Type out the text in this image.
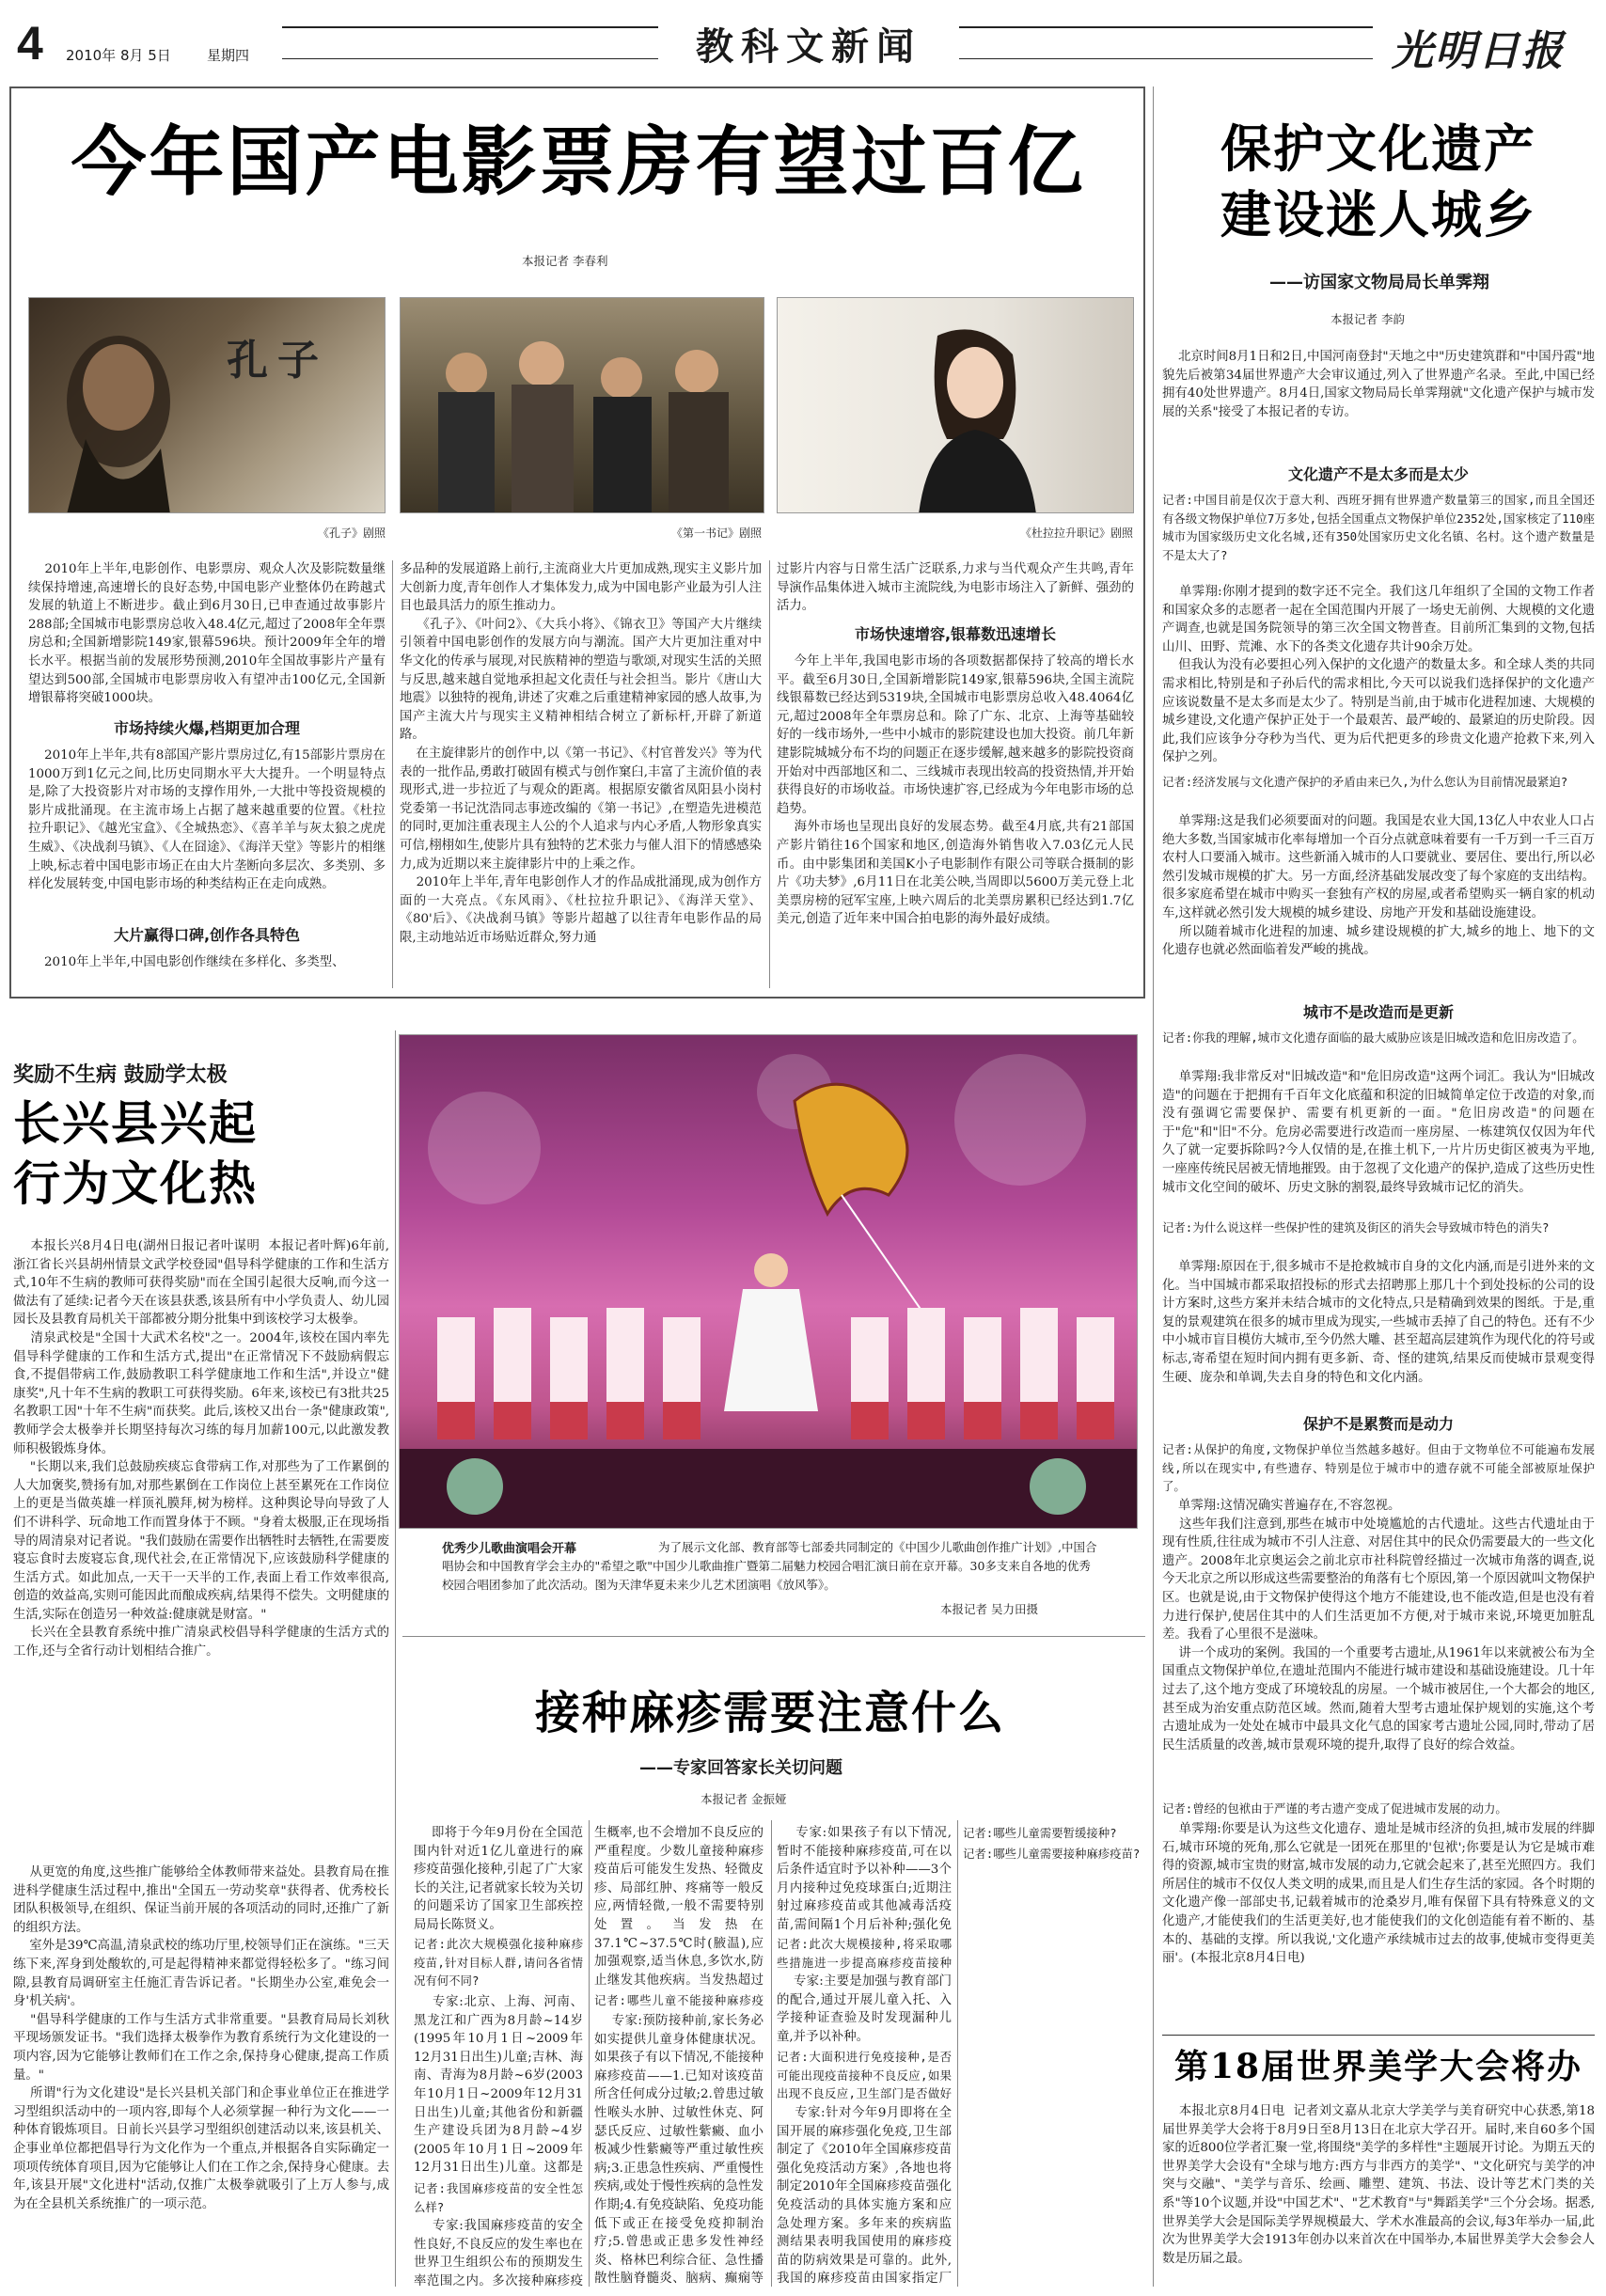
4 2010年 8月 5日	星期四	教科文新闻	光明日报
今年国产电影票房有望过百亿
本报记者 李春利
孔子
《孔子》剧照	《第一书记》剧照	《杜拉拉升职记》剧照
2010年上半年,电影创作、电影票房、观众人次及影院数量继续保持增速,高速增长的良好态势,中国电影产业整体仍在跨越式发展的轨道上不断进步。截止到6月30日,已申查通过故事影片288部;全国城市电影票房总收入48.4亿元,超过了2008年全年票房总和;全国新增影院149家,银幕596块。预计2009年全年的增长水平。根据当前的发展形势预测,2010年全国故事影片产量有望达到500部,全国城市电影票房收入有望冲击100亿元,全国新增银幕将突破1000块。
市场持续火爆,档期更加合理
2010年上半年,共有8部国产影片票房过亿,有15部影片票房在1000万到1亿元之间,比历史同期水平大大提升。一个明显特点是,除了大投资影片对市场的支撑作用外,一大批中等投资规模的影片成批涌现。在主流市场上占据了越来越重要的位置。《杜拉拉升职记》、《越光宝盒》、《全城热恋》、《喜羊羊与灰太狼之虎虎生威》、《决战刹马镇》、《人在囧途》、《海洋天堂》等影片的相继上映,标志着中国电影市场正在由大片垄断向多层次、多类别、多样化发展转变,中国电影市场的种类结构正在走向成熟。
大片赢得口碑,创作各具特色
2010年上半年,中国电影创作继续在多样化、多类型、
多品种的发展道路上前行,主流商业大片更加成熟,现实主义影片加大创新力度,青年创作人才集体发力,成为中国电影产业最为引人注目也最具活力的原生推动力。
《孔子》、《叶问2》、《大兵小将》、《锦衣卫》等国产大片继续引领着中国电影创作的发展方向与潮流。国产大片更加注重对中华文化的传承与展现,对民族精神的塑造与歌颂,对现实生活的关照与反思,越来越自觉地承担起文化责任与社会担当。影片《唐山大地震》以独特的视角,讲述了灾难之后重建精神家园的感人故事,为国产主流大片与现实主义精神相结合树立了新标杆,开辟了新道路。
在主旋律影片的创作中,以《第一书记》、《村官普发兴》等为代表的一批作品,勇敢打破固有模式与创作窠臼,丰富了主流价值的表现形式,进一步拉近了与观众的距离。根据原安徽省凤阳县小岗村党委第一书记沈浩同志事迹改编的《第一书记》,在塑造先进模范的同时,更加注重表现主人公的个人追求与内心矛盾,人物形象真实可信,栩栩如生,使影片具有独特的艺术张力与催人泪下的情感感染力,成为近期以来主旋律影片中的上乘之作。
2010年上半年,青年电影创作人才的作品成批涌现,成为创作方面的一大亮点。《东风雨》、《杜拉拉升职记》、《海洋天堂》、《80'后》、《决战刹马镇》等影片超越了以往青年电影作品的局限,主动地站近市场贴近群众,努力通
过影片内容与日常生活广泛联系,力求与当代观众产生共鸣,青年导演作品集体进入城市主流院线,为电影市场注入了新鲜、强劲的活力。
市场快速增容,银幕数迅速增长
今年上半年,我国电影市场的各项数据都保持了较高的增长水平。截至6月30日,全国新增影院149家,银幕596块,全国主流院线银幕数已经达到5319块,全国城市电影票房总收入48.4064亿元,超过2008年全年票房总和。除了广东、北京、上海等基础较好的一线市场外,一些中小城市的影院建设也加大投资。前几年新建影院城城分布不均的问题正在逐步缓解,越来越多的影院投资商开始对中西部地区和二、三线城市表现出较高的投资热情,并开始获得良好的市场收益。市场快速扩容,已经成为今年电影市场的总趋势。
海外市场也呈现出良好的发展态势。截至4月底,共有21部国产影片销往16个国家和地区,创造海外销售收入7.03亿元人民币。由中影集团和美国K小子电影制作有限公司等联合摄制的影片《功夫梦》,6月11日在北美公映,当周即以5600万美元登上北美票房榜的冠军宝座,上映六周后的北美票房累积已经达到1.7亿美元,创造了近年来中国合拍电影的海外最好成绩。
保护文化遗产
建设迷人城乡
——访国家文物局局长单霁翔
本报记者 李韵
北京时间8月1日和2日,中国河南登封"天地之中"历史建筑群和"中国丹霞"地貌先后被第34届世界遗产大会审议通过,列入了世界遗产名录。至此,中国已经拥有40处世界遗产。8月4日,国家文物局局长单霁翔就"文化遗产保护与城市发展的关系"接受了本报记者的专访。
文化遗产不是太多而是太少
记者:中国目前是仅次于意大利、西班牙拥有世界遗产数量第三的国家,而且全国还有各级文物保护单位7万多处,包括全国重点文物保护单位2352处,国家核定了110座城市为国家级历史文化名城,还有350处国家历史文化名镇、名村。这个遗产数量是不是太大了?
单霁翔:你刚才提到的数字还不完全。我们这几年组织了全国的文物工作者和国家众多的志愿者一起在全国范围内开展了一场史无前例、大规模的文化遗产调查,也就是国务院领导的第三次全国文物普查。目前所汇集到的文物,包括山川、田野、荒滩、水下的各类文化遗存共计90余万处。
但我认为没有必要担心列入保护的文化遗产的数量太多。和全球人类的共同需求相比,特别是和子孙后代的需求相比,今天可以说我们选择保护的文化遗产应该说数量不是太多而是太少了。特别是当前,由于城市化进程加速、大规模的城乡建设,文化遗产保护正处于一个最艰苦、最严峻的、最紧迫的历史阶段。因此,我们应该争分夺秒为当代、更为后代把更多的珍贵文化遗产抢救下来,列入保护之列。
记者:经济发展与文化遗产保护的矛盾由来已久,为什么您认为目前情况最紧迫?
单霁翔:这是我们必须要面对的问题。我国是农业大国,13亿人中农业人口占绝大多数,当国家城市化率每增加一个百分点就意味着要有一千万到一千三百万农村人口要涌入城市。这些新涌入城市的人口要就业、要居住、要出行,所以必然引发城市规模的扩大。另一方面,经济基础发展改变了每个家庭的支出结构。很多家庭希望在城市中购买一套独有产权的房屋,或者希望购买一辆自家的机动车,这样就必然引发大规模的城乡建设、房地产开发和基础设施建设。
所以随着城市化进程的加速、城乡建设规模的扩大,城乡的地上、地下的文化遗存也就必然面临着发严峻的挑战。
城市不是改造而是更新
记者:你我的理解,城市文化遗存面临的最大威胁应该是旧城改造和危旧房改造了。
单霁翔:我非常反对"旧城改造"和"危旧房改造"这两个词汇。我认为"旧城改造"的问题在于把拥有千百年文化底蕴和积淀的旧城简单定位于改造的对象,而没有强调它需要保护、需要有机更新的一面。"危旧房改造"的问题在于"危"和"旧"不分。危房必需要进行改造而一座房屋、一栋建筑仅仅因为年代久了就一定要拆除吗?今人仅情的是,在推土机下,一片片历史街区被夷为平地,一座座传统民居被无情地摧毁。由于忽视了文化遗产的保护,造成了这些历史性城市文化空间的破坏、历史文脉的割裂,最终导致城市记忆的消失。
记者:为什么说这样一些保护性的建筑及街区的消失会导致城市特色的消失?
单霁翔:原因在于,很多城市不是抢救城市自身的文化内涵,而是引进外来的文化。当中国城市都采取招投标的形式去招聘那上那几十个到处投标的公司的设计方案时,这些方案并未结合城市的文化特点,只是精确到效果的图纸。于是,重复的景观建筑在很多的城市里成为现实,一些城市丢掉了自己的特色。还有不少中小城市盲目模仿大城市,至今仍然大雕、甚至超高层建筑作为现代化的符号或标志,寄希望在短时间内拥有更多新、奇、怪的建筑,结果反而使城市景观变得生硬、庞杂和单调,失去自身的特色和文化内涵。
保护不是累赘而是动力
记者:从保护的角度,文物保护单位当然越多越好。但由于文物单位不可能遍布发展线,所以在现实中,有些遗存、特别是位于城市中的遗存就不可能全部被原址保护了。
单霁翔:这情况确实普遍存在,不容忽视。
这些年我们注意到,那些在城市中处境尴尬的古代遗址。这些古代遗址由于现有性质,往往成为城市不引人注意、对居住其中的民众仍需要最大的一些文化遗产。2008年北京奥运会之前北京市社科院曾经描过一次城市角落的调查,说今天北京之所以形成这些需要整治的角落有七个原因,第一个原因就叫文物保护区。也就是说,由于文物保护使得这个地方不能建设,也不能改造,但是也没有着力进行保护,使居住其中的人们生活更加不方便,对于城市来说,环境更加脏乱差。我看了心里很不是滋味。
讲一个成功的案例。我国的一个重要考古遗址,从1961年以来就被公布为全国重点文物保护单位,在遗址范围内不能进行城市建设和基础设施建设。几十年过去了,这个地方变成了环境较乱的房屋。一个城市被居住,一个大都会的地区,甚至成为治安重点防范区域。然而,随着大型考古遗址保护规划的实施,这个考古遗址成为一处处在城市中最具文化气息的国家考古遗址公园,同时,带动了居民生活质量的改善,城市景观环境的提升,取得了良好的综合效益。
记者:曾经的包袱由于严谨的考古遗产变成了促进城市发展的动力。
单霁翔:你要是认为这些文化遗存、遗址是城市经济的负担,城市发展的绊脚石,城市环境的死角,那么它就是一团死在那里的'包袱';你要是认为它是城市难得的资源,城市宝贵的财富,城市发展的动力,它就会起来了,甚至光照四方。我们所居住的城市不仅仅人类文明的成果,而且是人们生存生活的家园。各个时期的文化遗产像一部部史书,记载着城市的沧桑岁月,唯有保留下具有特殊意义的文化遗产,才能使我们的生活更美好,也才能使我们的文化创造能有着不断的、基本的、基础的支撑。所以我说,'文化遗产承续城市过去的故事,使城市变得更美丽'。(本报北京8月4日电)
第18届世界美学大会将办
本报北京8月4日电  记者刘文嘉从北京大学美学与美育研究中心获悉,第18届世界美学大会将于8月9日至8月13日在北京大学召开。届时,来自60多个国家的近800位学者汇聚一堂,将围绕"美学的多样性"主题展开讨论。为期五天的世界美学大会设有"全球与地方:西方与非西方的美学"、"文化研究与美学的冲突与交融"、"美学与音乐、绘画、雕塑、建筑、书法、设计等艺术门类的关系"等10个议题,并设"中国艺术"、"艺术教育"与"舞蹈美学"三个分会场。据悉,世界美学大会是国际美学界规模最大、学术水准最高的会议,每3年举办一届,此次为世界美学大会1913年创办以来首次在中国举办,本届世界美学大会参会人数是历届之最。
奖励不生病 鼓励学太极
长兴县兴起
行为文化热
本报长兴8月4日电(湖州日报记者叶谋明  本报记者叶辉)6年前,浙江省长兴县胡州情景文武学校登园"倡导科学健康的工作和生活方式,10年不生病的教师可获得奖励"而在全国引起很大反响,而今这一做法有了延续:记者今天在该县获悉,该县所有中小学负责人、幼儿园园长及县教育局机关干部都被分期分批集中到该校学习太极拳。
清泉武校是"全国十大武术名校"之一。2004年,该校在国内率先倡导科学健康的工作和生活方式,提出"在正常情况下不鼓励病假忘食,不提倡带病工作,鼓励教职工科学健康地工作和生活",并设立"健康奖",凡十年不生病的教职工可获得奖励。6年来,该校已有3批共25名教职工因"十年不生病"而获奖。此后,该校又出台一条"健康政策",教师学会太极拳并长期坚持每次习练的每月加薪100元,以此激发教师积极锻炼身体。
"长期以来,我们总鼓励疾痰忘食带病工作,对那些为了工作累倒的人大加褒奖,赞扬有加,对那些累倒在工作岗位上甚至累死在工作岗位上的更是当做英雄一样顶礼膜拜,树为榜样。这种舆论导向导致了人们不讲科学、玩命地工作而置身体于不顾。"身着太极服,正在现场指导的周清泉对记者说。"我们鼓励在需要作出牺牲时去牺牲,在需要废寝忘食时去废寝忘食,现代社会,在正常情况下,应该鼓励科学健康的生活方式。如此加点,一天干一天半的工作,表面上看工作效率很高,创造的效益高,实则可能因此而酿成疾病,结果得不偿失。文明健康的生活,实际在创造另一种效益:健康就是财富。"
长兴在全县教育系统中推广清泉武校倡导科学健康的生活方式的工作,还与全省行动计划相结合推广。
从更宽的角度,这些推广能够给全体教师带来益处。县教育局在推进科学健康生活过程中,推出"全国五一劳动奖章"获得者、优秀校长团队积极领导,在组织、保证当前开展的各项活动的同时,还推广了新的组织方法。
室外是39℃高温,清泉武校的练功厅里,校领导们正在演练。"三天练下来,浑身到处酸软的,可是起得精神来都觉得轻松多了。"练习间隙,县教育局调研室主任施汇青告诉记者。"长期坐办公室,难免会一身'机关病'。
"倡导科学健康的工作与生活方式非常重要。"县教育局局长刘秋平现场颁发证书。"我们选择太极拳作为教育系统行为文化建设的一项内容,因为它能够让教师们在工作之余,保持身心健康,提高工作质量。"
所谓"行为文化建设"是长兴县机关部门和企事业单位正在推进学习型组织活动中的一项内容,即每个人必须掌握一种行为文化——一种体育锻炼项目。日前长兴县学习型组织创建活动以来,该县机关、企事业单位都把倡导行为文化作为一个重点,并根据各自实际确定一项项传统体育项目,因为它能够让人们在工作之余,保持身心健康。去年,该县开展"文化进村"活动,仅推广太极拳就吸引了上万人参与,成为在全县机关系统推广的一项示范。
优秀少儿歌曲演唱会开幕	为了展示文化部、教育部等七部委共同制定的《中国少儿歌曲创作推广计划》,中国合唱协会和中国教育学会主办的"希望之歌"中国少儿歌曲推广暨第二届魅力校园合唱汇演日前在京开幕。30多支来自各地的优秀校园合唱团参加了此次活动。图为天津华夏未来少儿艺术团演唱《放风筝》。
本报记者 吴力田摄
接种麻疹需要注意什么
——专家回答家长关切问题
本报记者 金振娅
即将于今年9月份在全国范围内针对近1亿儿童进行的麻疹疫苗强化接种,引起了广大家长的关注,记者就家长较为关切的问题采访了国家卫生部疾控局局长陈贤义。
记者:此次大规模强化接种麻疹疫苗,针对目标人群,请问各省情况有何不同?
专家:北京、上海、河南、黑龙江和广西为8月龄~14岁(1995年10月1日~2009年12月31日出生)儿童;吉林、海南、青海为8月龄~6岁(2003年10月1日~2009年12月31日出生)儿童;其他省份和新疆生产建设兵团为8月龄~4岁(2005年10月1日~2009年12月31日出生)儿童。这都是
记者:我国麻疹疫苗的安全性怎么样?
专家:我国麻疹疫苗的安全性良好,不良反应的发生率也在世界卫生组织公布的预期发生率范围之内。多次接种麻疹疫
生概率,也不会增加不良反应的严重程度。少数儿童接种麻疹疫苗后可能发生发热、轻微皮疹、局部红肿、疼痛等一般反应,两情轻微,一般不需要特别处置。当发热在37.1℃~37.5℃时(腋温),应加强观察,适当休息,多饮水,防止继发其他疾病。当发热超过
记者:哪些儿童不能接种麻疹疫
专家:预防接种前,家长务必如实提供儿童身体健康状况。如果孩子有以下情况,不能接种麻疹疫苗——1.已知对该疫苗所含任何成分过敏;2.曾患过敏性喉头水肿、过敏性休克、阿瑟氏反应、过敏性紫癜、血小板减少性紫癜等严重过敏性疾病;3.正患急性疾病、严重慢性疾病,或处于慢性疾病的急性发作期;4.有免疫缺陷、免疫功能低下或正在接受免疫抑制治疗;5.曾患或正患多发性神经炎、格林巴利综合征、急性播散性脑脊髓炎、脑病、癫痫等
专家:如果孩子有以下情况,暂时不能接种麻疹疫苗,可在以后条件适宜时予以补种——3个月内接种过免疫球蛋白;近期注射过麻疹疫苗或其他减毒活疫苗,需间隔1个月后补种;强化免
记者:此次大规模接种,将采取哪些措施进一步提高麻疹疫苗接种
专家:主要是加强与教育部门的配合,通过开展儿童入托、入学接种证查验及时发现漏种儿童,并予以补种。
记者:大面积进行免疫接种,是否可能出现疫苗接种不良反应,如果出现不良反应,卫生部门是否做好
专家:针对今年9月即将在全国开展的麻疹强化免疫,卫生部制定了《2010年全国麻疹疫苗强化免疫活动方案》,各地也将制定2010年全国麻疹疫苗强化免疫活动的具体实施方案和应急处理方案。多年来的疾病监测结果表明我国使用的麻疹疫苗的防病效果是可靠的。此外,我国的麻疹疫苗由国家指定厂
记者:哪些儿童需要暂缓接种?
记者:哪些儿童需要接种麻疹疫苗?
